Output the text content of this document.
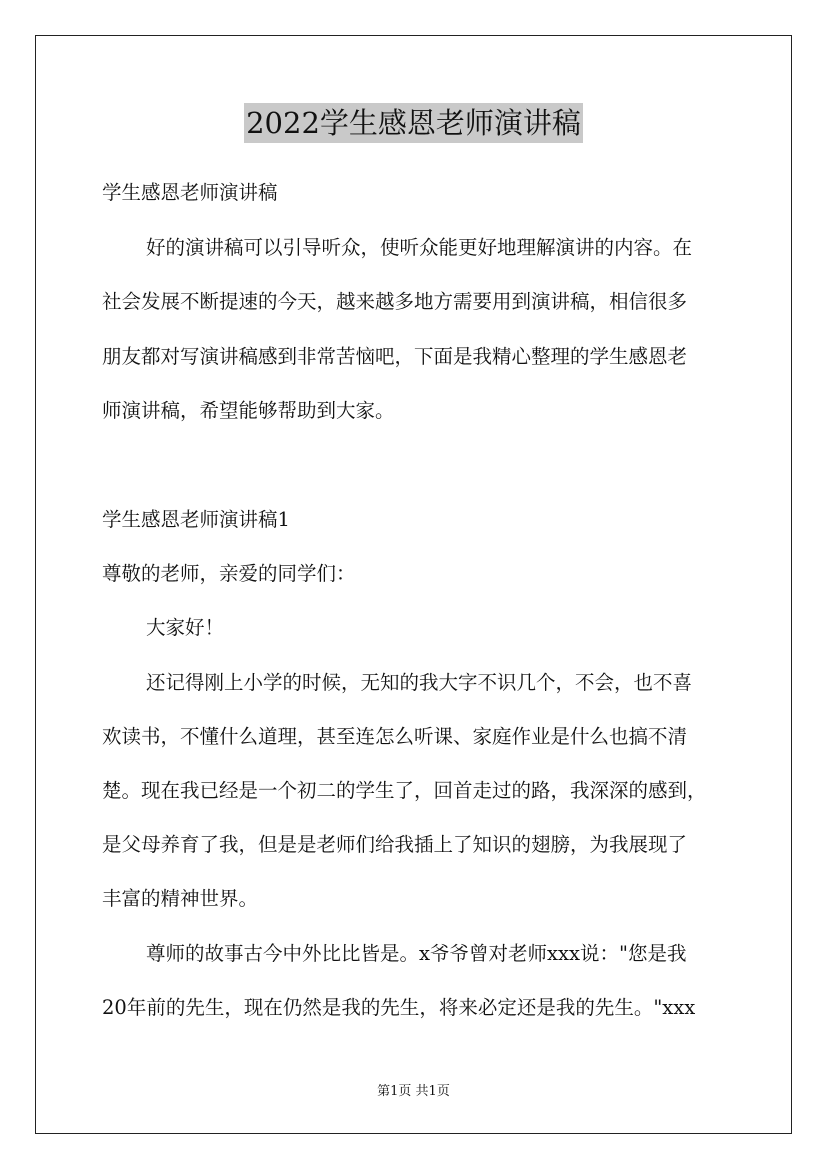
2022学生感恩老师演讲稿
学生感恩老师演讲稿
好的演讲稿可以引导听众，使听众能更好地理解演讲的内容。在
社会发展不断提速的今天，越来越多地方需要用到演讲稿，相信很多
朋友都对写演讲稿感到非常苦恼吧，下面是我精心整理的学生感恩老
师演讲稿，希望能够帮助到大家。
学生感恩老师演讲稿1
尊敬的老师，亲爱的同学们：
大家好！
还记得刚上小学的时候，无知的我大字不识几个，不会，也不喜
欢读书，不懂什么道理，甚至连怎么听课、家庭作业是什么也搞不清
楚。现在我已经是一个初二的学生了，回首走过的路，我深深的感到，
是父母养育了我，但是是老师们给我插上了知识的翅膀，为我展现了
丰富的精神世界。
尊师的故事古今中外比比皆是。x爷爷曾对老师xxx说："您是我
20年前的先生，现在仍然是我的先生，将来必定还是我的先生。"xxx
第1页 共1页
